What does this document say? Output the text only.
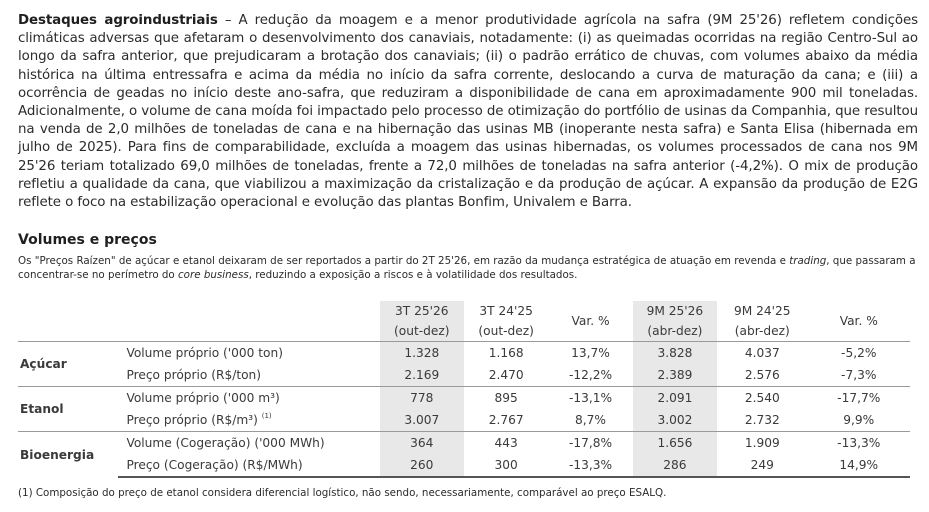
Destaques agroindustriais – A redução da moagem e a menor produtividade agrícola na safra (9M 25'26) refletem condições climáticas adversas que afetaram o desenvolvimento dos canaviais, notadamente: (i) as queimadas ocorridas na região Centro-Sul ao longo da safra anterior, que prejudicaram a brotação dos canaviais; (ii) o padrão errático de chuvas, com volumes abaixo da média histórica na última entressafra e acima da média no início da safra corrente, deslocando a curva de maturação da cana; e (iii) a ocorrência de geadas no início deste ano-safra, que reduziram a disponibilidade de cana em aproximadamente 900 mil toneladas. Adicionalmente, o volume de cana moída foi impactado pelo processo de otimização do portfólio de usinas da Companhia, que resultou na venda de 2,0 milhões de toneladas de cana e na hibernação das usinas MB (inoperante nesta safra) e Santa Elisa (hibernada em julho de 2025). Para fins de comparabilidade, excluída a moagem das usinas hibernadas, os volumes processados de cana nos 9M 25'26 teriam totalizado 69,0 milhões de toneladas, frente a 72,0 milhões de toneladas na safra anterior (-4,2%). O mix de produção refletiu a qualidade da cana, que viabilizou a maximização da cristalização e da produção de açúcar. A expansão da produção de E2G reflete o foco na estabilização operacional e evolução das plantas Bonfim, Univalem e Barra.
Volumes e preços
Os "Preços Raízen" de açúcar e etanol deixaram de ser reportados a partir do 2T 25'26, em razão da mudança estratégica de atuação em revenda e trading, que passaram a concentrar-se no perímetro do core business, reduzindo a exposição a riscos e à volatilidade dos resultados.
		3T 25'26	3T 24'25	Var. %	9M 25'26	9M 24'25	Var. %
		(out-dez)	(out-dez)		(abr-dez)	(abr-dez)	
Açúcar	Volume próprio ('000 ton)	1.328	1.168	13,7%	3.828	4.037	-5,2%
	Preço próprio (R$/ton)	2.169	2.470	-12,2%	2.389	2.576	-7,3%
Etanol	Volume próprio ('000 m³)	778	895	-13,1%	2.091	2.540	-17,7%
	Preço próprio (R$/m³) $^{(1)}$	3.007	2.767	8,7%	3.002	2.732	9,9%
Bioenergia	Volume (Cogeração) ('000 MWh)	364	443	-17,8%	1.656	1.909	-13,3%
	Preço (Cogeração) (R$/MWh)	260	300	-13,3%	286	249	14,9%
(1) Composição do preço de etanol considera diferencial logístico, não sendo, necessariamente, comparável ao preço ESALQ.
